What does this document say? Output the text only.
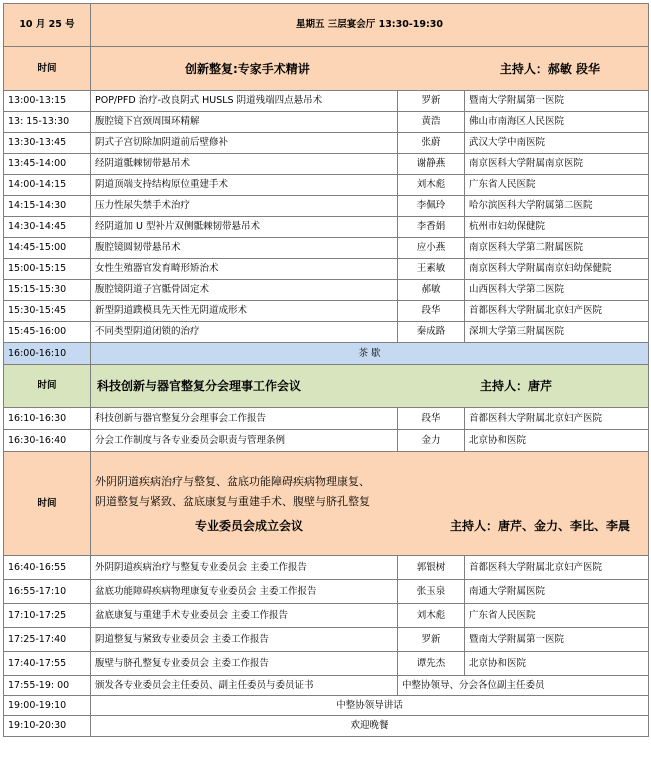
10 月 25 号	星期五 三层宴会厅 13:30-19:30		
时间	创新整复:专家手术精讲 主持人：郝敏 段华		

13:00-13:15	POP/PFD 治疗-改良阴式 HUSLS 阴道残端四点悬吊术	罗新	暨南大学附属第一医院
13: 15-13:30	腹腔镜下宫颈周围环精解	黄浩	佛山市南海区人民医院
13:30-13:45	阴式子宫切除加阴道前后壁修补	张蔚	武汉大学中南医院
13:45-14:00	经阴道骶棘韧带悬吊术	谢静燕	南京医科大学附属南京医院
14:00-14:15	阴道顶端支持结构原位重建手术	刘木彪	广东省人民医院
14:15-14:30	压力性尿失禁手术治疗	李佩玲	哈尔滨医科大学附属第二医院
14:30-14:45	经阴道加 U 型补片双侧骶棘韧带悬吊术	李香娟	杭州市妇幼保健院
14:45-15:00	腹腔镜圆韧带悬吊术	应小燕	南京医科大学第二附属医院
15:00-15:15	女性生殖器官发育畸形矫治术	王素敏	南京医科大学附属南京妇幼保健院
15:15-15:30	腹腔镜阴道子宫骶骨固定术	郝敏	山西医科大学第二医院
15:30-15:45	新型阴道蹼模具先天性无阴道成形术	段华	首都医科大学附属北京妇产医院
15:45-16:00	不同类型阴道闭锁的治疗	秦成路	深圳大学第三附属医院
16:00-16:10	茶 歇		
时间	科技创新与器官整复分会理事工作会议 主持人：唐芹		

16:10-16:30	科技创新与器官整复分会理事会工作报告	段华	首都医科大学附属北京妇产医院
16:30-16:40	分会工作制度与各专业委员会职责与管理条例	金力	北京协和医院
时间	外阴阴道疾病治疗与整复、盆底功能障碍疾病物理康复、
阴道整复与紧致、盆底康复与重建手术、腹壁与脐孔整复
专业委员会成立会议 主持人：唐芹、金力、李比、李晨		

16:40-16:55	外阴阴道疾病治疗与整复专业委员会 主委工作报告	郭银树	首都医科大学附属北京妇产医院
16:55-17:10	盆底功能障碍疾病物理康复专业委员会 主委工作报告	张玉泉	南通大学附属医院
17:10-17:25	盆底康复与重建手术专业委员会 主委工作报告	刘木彪	广东省人民医院
17:25-17:40	阴道整复与紧致专业委员会 主委工作报告	罗新	暨南大学附属第一医院
17:40-17:55	腹壁与脐孔整复专业委员会 主委工作报告	谭先杰	北京协和医院
17:55-19: 00	颁发各专业委员会主任委员、副主任委员与委员证书	中整协领导、分会各位副主任委员	
19:00-19:10	中整协领导讲话		
19:10-20:30	欢迎晚餐		
